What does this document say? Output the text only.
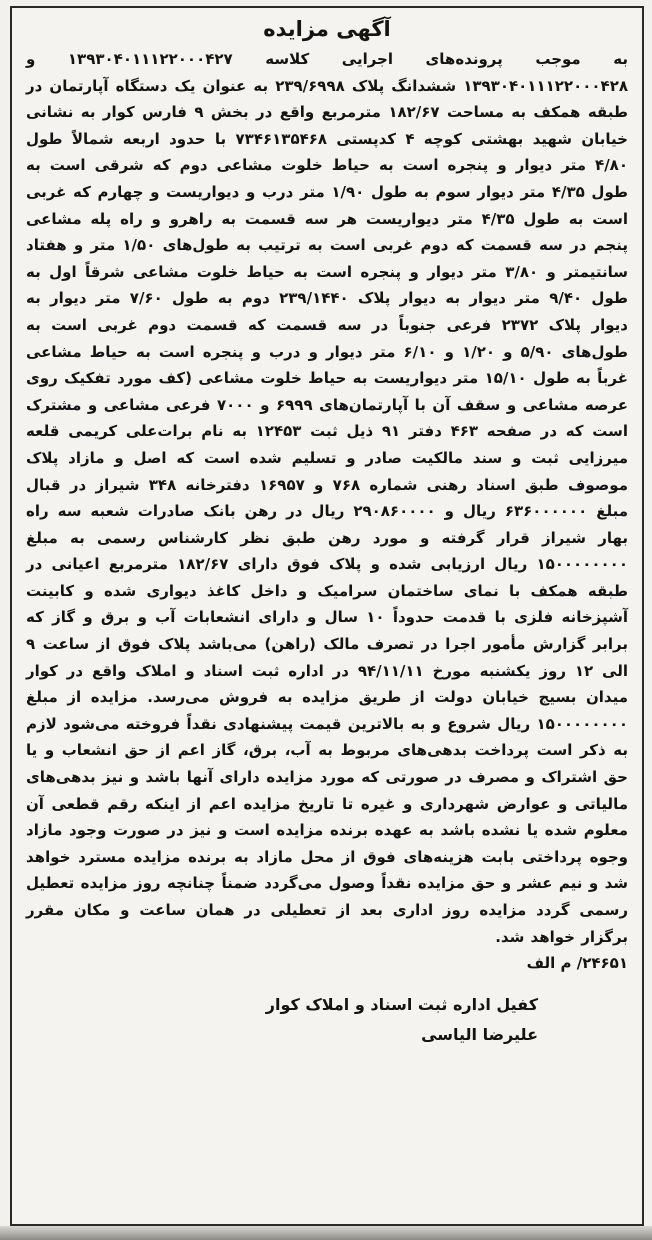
آگهی مزایده

به موجب پرونده‌های اجرایی کلاسه ۱۳۹۳۰۴۰۱۱۱۲۲۰۰۰۴۲۷ و ۱۳۹۳۰۴۰۱۱۱۲۲۰۰۰۴۲۸ ششدانگ پلاک ۲۳۹/۶۹۹۸ به عنوان یک دستگاه آپارتمان در طبقه همکف به مساحت ۱۸۲/۶۷ مترمربع واقع در بخش ۹ فارس کوار به نشانی خیابان شهید بهشتی کوچه ۴ کدپستی ۷۳۴۶۱۳۵۴۶۸ با حدود اربعه شمالاً طول ۴/۸۰ متر دیوار و پنجره است به حیاط خلوت مشاعی دوم که شرقی است به طول ۴/۳۵ متر دیوار سوم به طول ۱/۹۰ متر درب و دیواریست و چهارم که غربی است به طول ۴/۳۵ متر دیواریست هر سه قسمت به راهرو و راه پله مشاعی پنجم در سه قسمت که دوم غربی است به ترتیب به طول‌های ۱/۵۰ متر و هفتاد سانتیمتر و ۳/۸۰ متر دیوار و پنجره است به حیاط خلوت مشاعی شرقاً اول به طول ۹/۴۰ متر دیوار به دیوار پلاک ۲۳۹/۱۴۴۰ دوم به طول ۷/۶۰ متر دیوار به دیوار پلاک ۲۳۷۲ فرعی جنوباً در سه قسمت که قسمت دوم غربی است به طول‌های ۵/۹۰ و ۱/۲۰ و ۶/۱۰ متر دیوار و درب و پنجره است به حیاط مشاعی غرباً به طول ۱۵/۱۰ متر دیواریست به حیاط خلوت مشاعی (کف مورد تفکیک روی عرصه مشاعی و سقف آن با آپارتمان‌های ۶۹۹۹ و ۷۰۰۰ فرعی مشاعی و مشترک است که در صفحه ۴۶۳ دفتر ۹۱ ذیل ثبت ۱۲۴۵۳ به نام برات‌علی کریمی قلعه میرزایی ثبت و سند مالکیت صادر و تسلیم شده است که اصل و مازاد پلاک موصوف طبق اسناد رهنی شماره ۷۶۸ و ۱۶۹۵۷ دفترخانه ۳۴۸ شیراز در قبال مبلغ ۶۳۶۰۰۰۰۰۰ ریال و ۲۹۰۸۶۰۰۰۰ ریال در رهن بانک صادرات شعبه سه راه بهار شیراز قرار گرفته و مورد رهن طبق نظر کارشناس رسمی به مبلغ ۱۵۰۰۰۰۰۰۰۰ ریال ارزیابی شده و پلاک فوق دارای ۱۸۲/۶۷ مترمربع اعیانی در طبقه همکف با نمای ساختمان سرامیک و داخل کاغذ دیواری شده و کابینت آشپزخانه فلزی با قدمت حدوداً ۱۰ سال و دارای انشعابات آب و برق و گاز که برابر گزارش مأمور اجرا در تصرف مالک (راهن) می‌باشد پلاک فوق از ساعت ۹ الی ۱۲ روز یکشنبه مورخ ۹۴/۱۱/۱۱ در اداره ثبت اسناد و املاک واقع در کوار میدان بسیج خیابان دولت از طریق مزایده به فروش می‌رسد. مزایده از مبلغ ۱۵۰۰۰۰۰۰۰۰ ریال شروع و به بالاترین قیمت پیشنهادی نقداً فروخته می‌شود لازم به ذکر است پرداخت بدهی‌های مربوط به آب، برق، گاز اعم از حق انشعاب و یا حق اشتراک و مصرف در صورتی که مورد مزایده دارای آنها باشد و نیز بدهی‌های مالیاتی و عوارض شهرداری و غیره تا تاریخ مزایده اعم از اینکه رقم قطعی آن معلوم شده یا نشده باشد به عهده برنده مزایده است و نیز در صورت وجود مازاد وجوه پرداختی بابت هزینه‌های فوق از محل مازاد به برنده مزایده مسترد خواهد شد و نیم عشر و حق مزایده نقداً وصول می‌گردد ضمناً چنانچه روز مزایده تعطیل رسمی گردد مزایده روز اداری بعد از تعطیلی در همان ساعت و مکان مقرر برگزار خواهد شد.

۲۴۶۵۱/ م الف

کفیل اداره ثبت اسناد و املاک کوار
علیرضا الیاسی
